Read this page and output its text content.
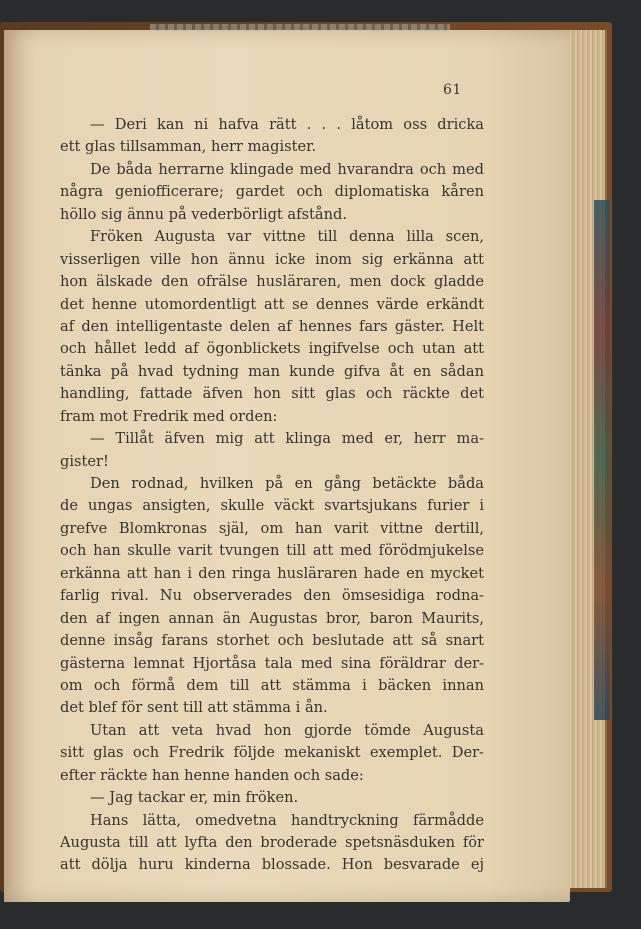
61
— Deri kan ni hafva rätt . . . låtom oss dricka
ett glas tillsamman, herr magister.
De båda herrarne klingade med hvarandra och med
några geniofficerare; gardet och diplomatiska kåren
höllo sig ännu på vederbörligt afstånd.
Fröken Augusta var vittne till denna lilla scen,
visserligen ville hon ännu icke inom sig erkänna att
hon älskade den ofrälse husläraren, men dock gladde
det henne utomordentligt att se dennes värde erkändt
af den intelligentaste delen af hennes fars gäster. Helt
och hållet ledd af ögonblickets ingifvelse och utan att
tänka på hvad tydning man kunde gifva åt en sådan
handling, fattade äfven hon sitt glas och räckte det
fram mot Fredrik med orden:
— Tillåt äfven mig att klinga med er, herr ma-
gister!
Den rodnad, hvilken på en gång betäckte båda
de ungas ansigten, skulle väckt svartsjukans furier i
grefve Blomkronas själ, om han varit vittne dertill,
och han skulle varit tvungen till att med förödmjukelse
erkänna att han i den ringa husläraren hade en mycket
farlig rival. Nu observerades den ömsesidiga rodna-
den af ingen annan än Augustas bror, baron Maurits,
denne insåg farans storhet och beslutade att så snart
gästerna lemnat Hjortåsa tala med sina föräldrar der-
om och förmå dem till att stämma i bäcken innan
det blef för sent till att stämma i ån.
Utan att veta hvad hon gjorde tömde Augusta
sitt glas och Fredrik följde mekaniskt exemplet. Der-
efter räckte han henne handen och sade:
— Jag tackar er, min fröken.
Hans lätta, omedvetna handtryckning färmådde
Augusta till att lyfta den broderade spetsnäsduken för
att dölja huru kinderna blossade. Hon besvarade ej
